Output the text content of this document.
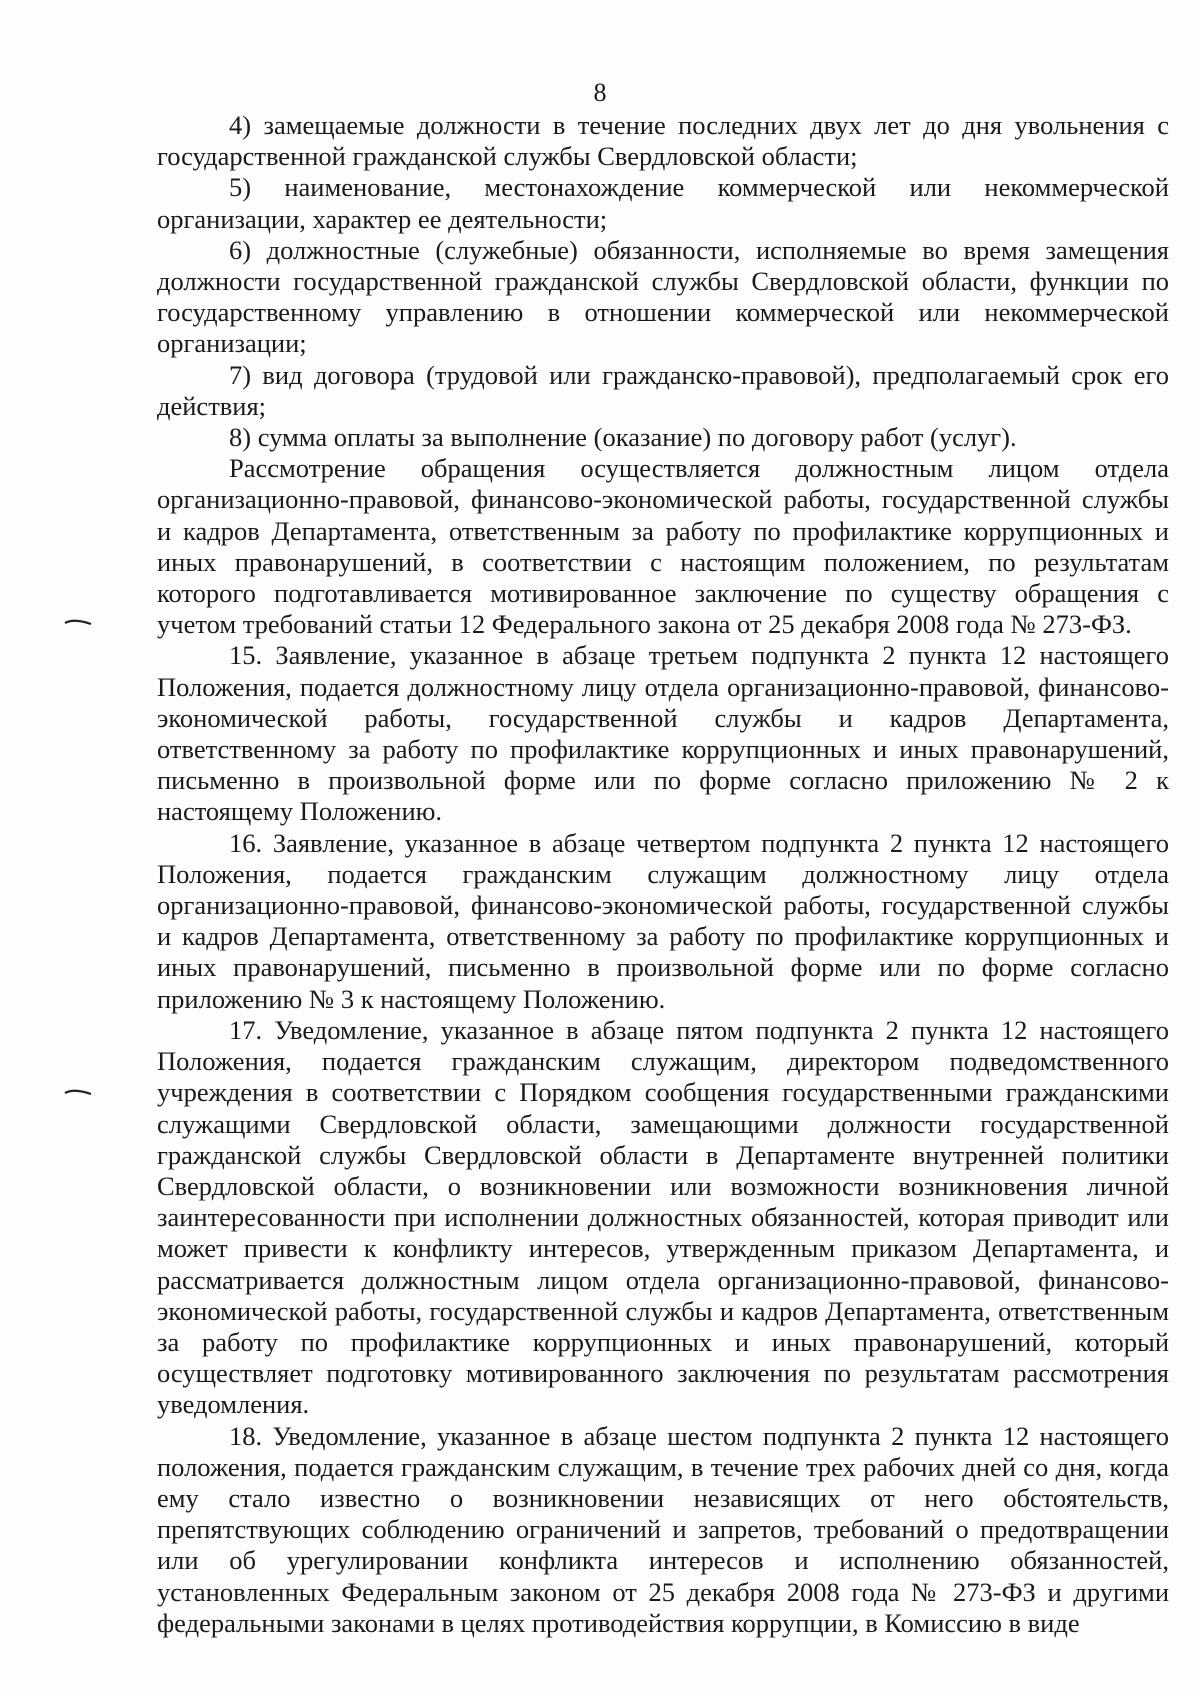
8

4) замещаемые должности в течение последних двух лет до дня увольнения с государственной гражданской службы Свердловской области;

5) наименование, местонахождение коммерческой или некоммерческой организации, характер ее деятельности;

6) должностные (служебные) обязанности, исполняемые во время замещения должности государственной гражданской службы Свердловской области, функции по государственному управлению в отношении коммерческой или некоммерческой организации;

7) вид договора (трудовой или гражданско-правовой), предполагаемый срок его действия;

8) сумма оплаты за выполнение (оказание) по договору работ (услуг).

Рассмотрение обращения осуществляется должностным лицом отдела организационно-правовой, финансово-экономической работы, государственной службы и кадров Департамента, ответственным за работу по профилактике коррупционных и иных правонарушений, в соответствии с настоящим положением, по результатам которого подготавливается мотивированное заключение по существу обращения с учетом требований статьи 12 Федерального закона от 25 декабря 2008 года № 273-ФЗ.

15. Заявление, указанное в абзаце третьем подпункта 2 пункта 12 настоящего Положения, подается должностному лицу отдела организационно-правовой, финансово-экономической работы, государственной службы и кадров Департамента, ответственному за работу по профилактике коррупционных и иных правонарушений, письменно в произвольной форме или по форме согласно приложению № 2 к настоящему Положению.

16. Заявление, указанное в абзаце четвертом подпункта 2 пункта 12 настоящего Положения, подается гражданским служащим должностному лицу отдела организационно-правовой, финансово-экономической работы, государственной службы и кадров Департамента, ответственному за работу по профилактике коррупционных и иных правонарушений, письменно в произвольной форме или по форме согласно приложению № 3 к настоящему Положению.

17. Уведомление, указанное в абзаце пятом подпункта 2 пункта 12 настоящего Положения, подается гражданским служащим, директором подведомственного учреждения в соответствии с Порядком сообщения государственными гражданскими служащими Свердловской области, замещающими должности государственной гражданской службы Свердловской области в Департаменте внутренней политики Свердловской области, о возникновении или возможности возникновения личной заинтересованности при исполнении должностных обязанностей, которая приводит или может привести к конфликту интересов, утвержденным приказом Департамента, и рассматривается должностным лицом отдела организационно-правовой, финансово-экономической работы, государственной службы и кадров Департамента, ответственным за работу по профилактике коррупционных и иных правонарушений, который осуществляет подготовку мотивированного заключения по результатам рассмотрения уведомления.

18. Уведомление, указанное в абзаце шестом подпункта 2 пункта 12 настоящего положения, подается гражданским служащим, в течение трех рабочих дней со дня, когда ему стало известно о возникновении независящих от него обстоятельств, препятствующих соблюдению ограничений и запретов, требований о предотвращении или об урегулировании конфликта интересов и исполнению обязанностей, установленных Федеральным законом от 25 декабря 2008 года № 273-ФЗ и другими федеральными законами в целях противодействия коррупции, в Комиссию в виде
